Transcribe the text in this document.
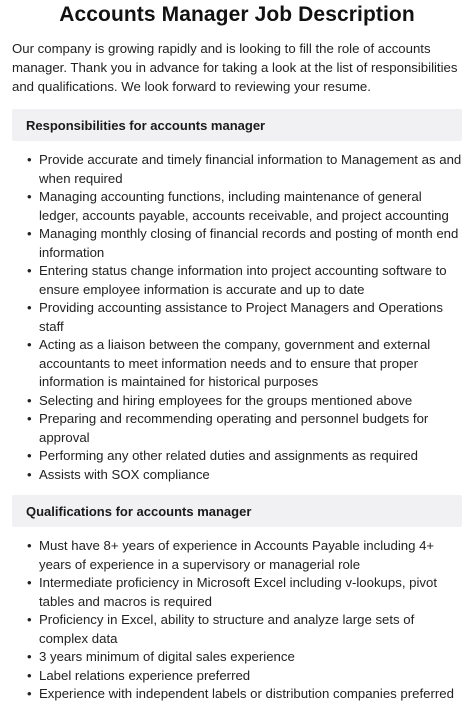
Accounts Manager Job Description

Our company is growing rapidly and is looking to fill the role of accounts manager. Thank you in advance for taking a look at the list of responsibilities and qualifications. We look forward to reviewing your resume.

Responsibilities for accounts manager
• Provide accurate and timely financial information to Management as and when required
• Managing accounting functions, including maintenance of general ledger, accounts payable, accounts receivable, and project accounting
• Managing monthly closing of financial records and posting of month end information
• Entering status change information into project accounting software to ensure employee information is accurate and up to date
• Providing accounting assistance to Project Managers and Operations staff
• Acting as a liaison between the company, government and external accountants to meet information needs and to ensure that proper information is maintained for historical purposes
• Selecting and hiring employees for the groups mentioned above
• Preparing and recommending operating and personnel budgets for approval
• Performing any other related duties and assignments as required
• Assists with SOX compliance
Qualifications for accounts manager
• Must have 8+ years of experience in Accounts Payable including 4+ years of experience in a supervisory or managerial role
• Intermediate proficiency in Microsoft Excel including v-lookups, pivot tables and macros is required
• Proficiency in Excel, ability to structure and analyze large sets of complex data
• 3 years minimum of digital sales experience
• Label relations experience preferred
• Experience with independent labels or distribution companies preferred
